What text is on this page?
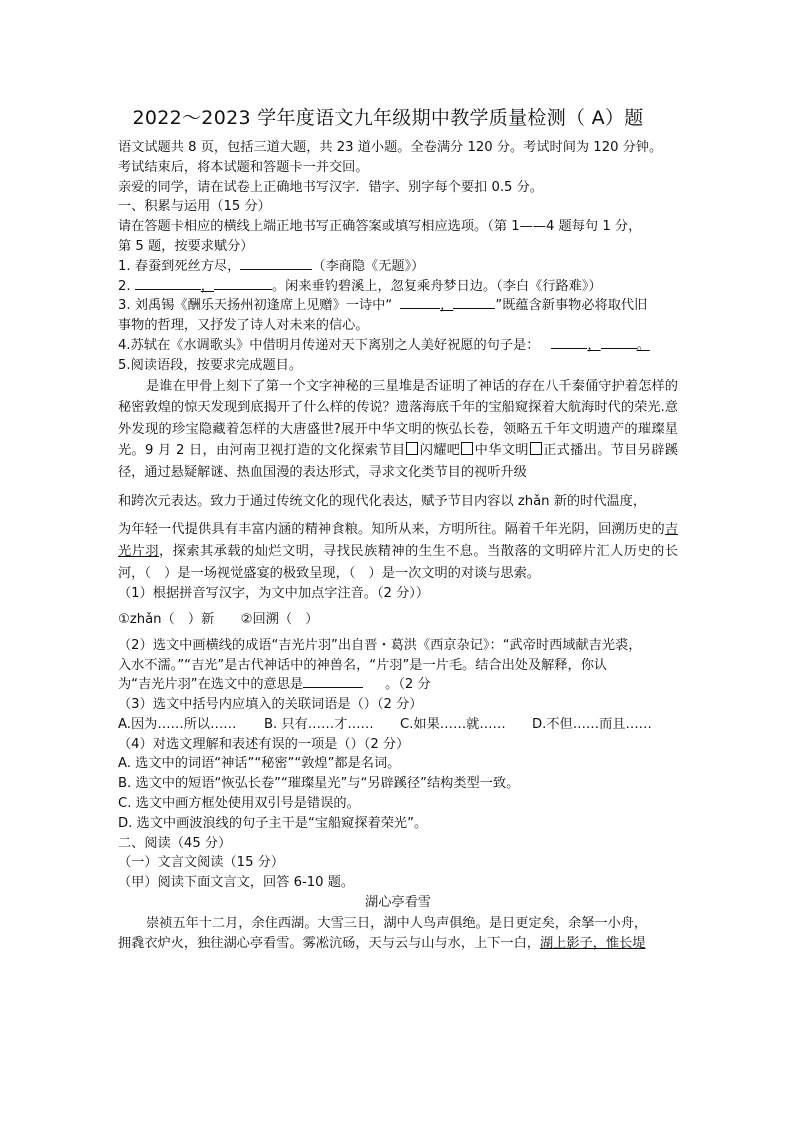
2022～2023 学年度语文九年级期中教学质量检测（ A）题
语文试题共 8 页，包括三道大题，共 23 道小题。全卷满分 120 分。考试时间为 120 分钟。
考试结束后，将本试题和答题卡一并交回。
亲爱的同学，请在试卷上正确地书写汉字．错字、别字每个要扣 0.5 分。
一、积累与运用（15 分）
请在答题卡相应的横线上端正地书写正确答案或填写相应选项。（第 1——4 题每句 1 分，
第 5 题，按要求赋分）
1. 春蚕到死丝方尽，	（李商隐《无题》）
2.	，	。闲来垂钓碧溪上，忽复乘舟梦日边。（李白《行路难》）
3. 刘禹锡《酬乐天扬州初逢席上见赠》一诗中“	，	”既蕴含新事物必将取代旧
事物的哲理，又抒发了诗人对未来的信心。
4.苏轼在《水调歌头》中借明月传递对天下离别之人美好祝愿的句子是：	，	。
5.阅读语段，按要求完成题目。
是谁在甲骨上刻下了第一个文字神秘的三星堆是否证明了神话的存在八千秦俑守护着怎样的秘密敦煌的惊天发现到底揭开了什么样的传说？遗落海底千年的宝船窥探着大航海时代的荣光.意外发现的珍宝隐藏着怎样的大唐盛世?展开中华文明的恢弘长卷，领略五千年文明遗产的璀璨星光。9 月 2 日，由河南卫视打造的文化探索节目 闪耀吧 中华文明 正式播出。节目另辟蹊径，通过悬疑解谜、热血国漫的表达形式，寻求文化类节目的视听升级
和跨次元表达。致力于通过传统文化的现代化表达，赋予节目内容以 zhǎn 新的时代温度，
为年轻一代提供具有丰富内涵的精神食粮。知所从来，方明所往。隔着千年光阴，回溯历史的吉光片羽，探索其承载的灿烂文明，寻找民族精神的生生不息。当散落的文明碎片汇人历史的长河，（　）是一场视觉盛宴的极致呈现，（　）是一次文明的对谈与思索。
（1）根据拼音写汉字，为文中加点字注音。（2 分））
①zhǎn（　）新　　②回溯（　）
（2）选文中画横线的成语“吉光片羽”出自晋・葛洪《西京杂记》：“武帝时西域献吉光裘，
入水不濡。”“吉光”是古代神话中的神兽名，“片羽”是一片毛。结合出处及解释，你认
为“吉光片羽”在选文中的意思是	。（2 分
（3）选文中括号内应填入的关联词语是（）（2 分）
A.因为……所以……	B. 只有……才……	C.如果……就……	D.不但……而且……
（4）对选文理解和表述有误的一项是（）（2 分）
A. 选文中的词语“神话”“秘密”“敦煌”都是名词。
B. 选文中的短语“恢弘长卷”“璀璨星光”与“另辟蹊径”结构类型一致。
C. 选文中画方框处使用双引号是错误的。
D. 选文中画波浪线的句子主干是“宝船窥探着荣光”。
二、阅读（45 分）
（一）文言文阅读（15 分）
（甲）阅读下面文言文，回答 6-10 题。
湖心亭看雪
崇祯五年十二月，余住西湖。大雪三日，湖中人鸟声俱绝。是日更定矣，余拏一小舟，
拥毳衣炉火，独往湖心亭看雪。雾凇沆砀，天与云与山与水，上下一白，湖上影子，惟长堤
